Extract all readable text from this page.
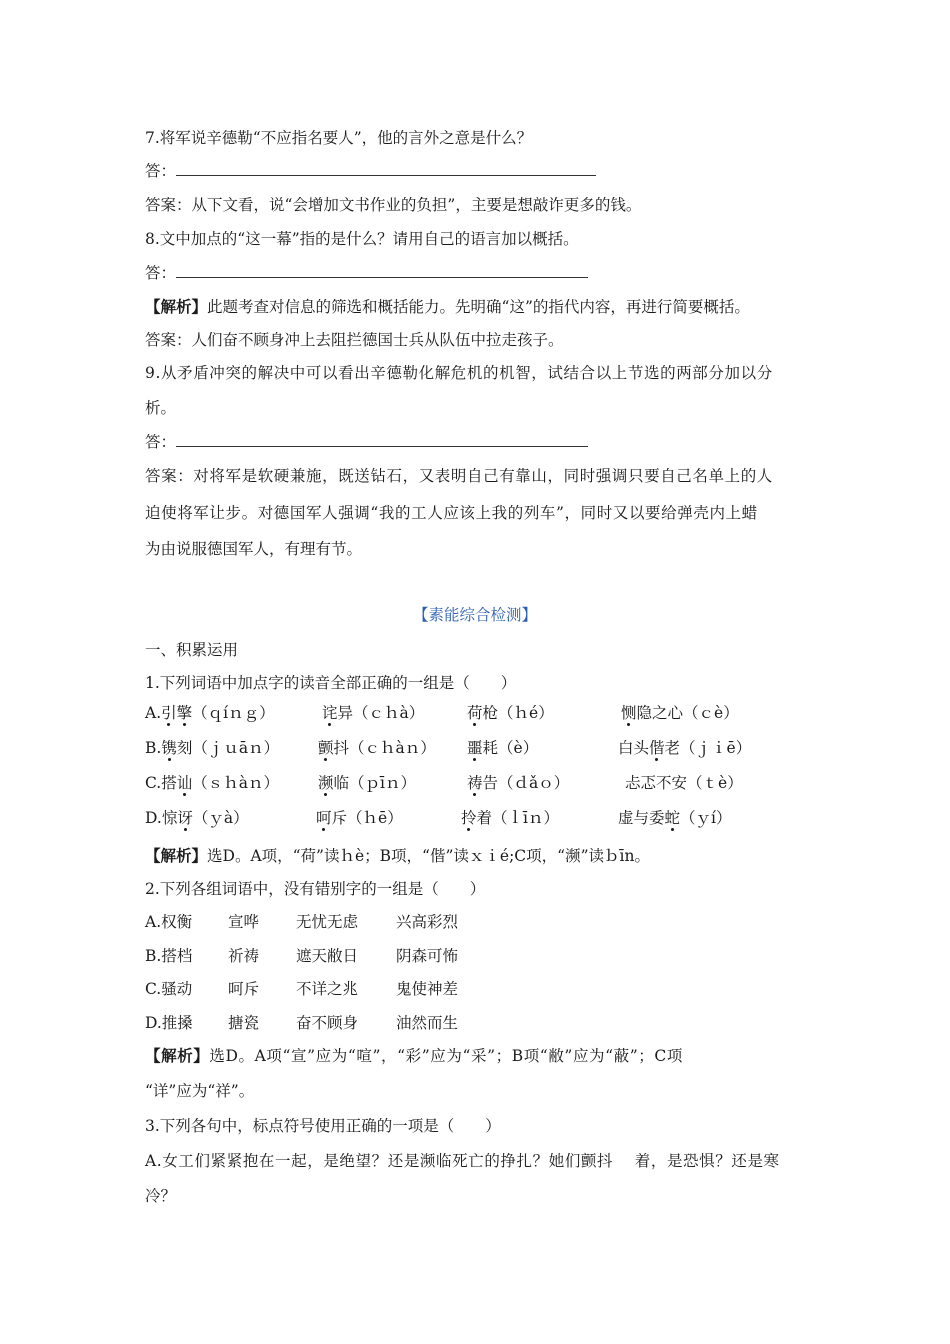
7.将军说辛德勒“不应指名要人”，他的言外之意是什么？
答：
答案：从下文看，说“会增加文书作业的负担”，主要是想敲诈更多的钱。
8.文中加点的“这一幕”指的是什么？请用自己的语言加以概括。
答：
【解析】此题考查对信息的筛选和概括能力。先明确“这”的指代内容，再进行简要概括。
答案：人们奋不顾身冲上去阻拦德国士兵从队伍中拉走孩子。
9.从矛盾冲突的解决中可以看出辛德勒化解危机的机智，试结合以上节选的两部分加以分
析。
答：
答案：对将军是软硬兼施，既送钻石，又表明自己有靠山，同时强调只要自己名单上的人
迫使将军让步。对德国军人强调“我的工人应该上我的列车”，同时又以要给弹壳内上蜡
为由说服德国军人，有理有节。
【素能综合检测】
一、积累运用
1.下列词语中加点字的读音全部正确的一组是（　　）
A.引擎（ｑíｎｇ）	诧异（ｃｈà）	荷枪（ｈé）	恻隐之心（ｃè）
B.镌刻（ｊｕāｎ）	颤抖（ｃｈàｎ） 噩耗（è）	白头偕老（ｊｉē）
C.搭讪（ｓｈàｎ）	濒临（ｐīｎ）	祷告（ｄǎｏ）	忐忑不安（ｔè）
D.惊讶（ｙà）	呵斥（ｈē）	拎着（ｌīｎ）	虚与委蛇（ｙí）
【解析】选D。A项，“荷”读ｈè；B项，“偕”读ｘｉé;C项，“濒”读ｂīn。
2.下列各组词语中，没有错别字的一组是（　　）
A.权衡 宣哗 无忧无虑 兴高彩烈
B.搭档 祈祷 遮天敝日 阴森可怖
C.骚动 呵斥 不详之兆 鬼使神差
D.推搡 搪瓷 奋不顾身 油然而生
【解析】选D。A项“宣”应为“喧”，“彩”应为“采”；B项“敝”应为“蔽”；C项
“详”应为“祥”。
3.下列各句中，标点符号使用正确的一项是（　　）
A.女工们紧紧抱在一起，是绝望？还是濒临死亡的挣扎？她们颤抖　 着，是恐惧？还是寒
冷？
